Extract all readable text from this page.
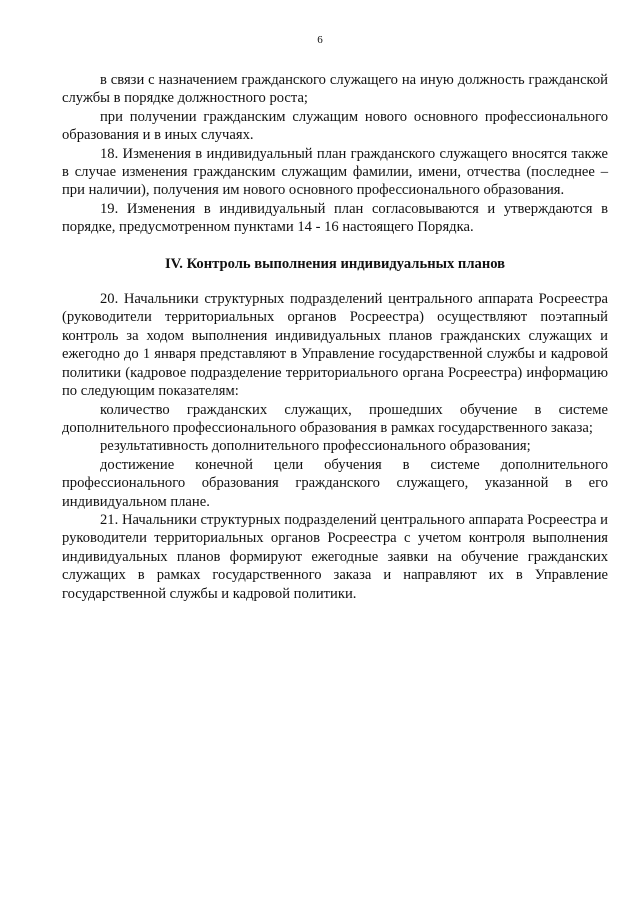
6

в связи с назначением гражданского служащего на иную должность гражданской службы в порядке должностного роста;

при получении гражданским служащим нового основного профессионального образования и в иных случаях.

18. Изменения в индивидуальный план гражданского служащего вносятся также в случае изменения гражданским служащим фамилии, имени, отчества (последнее – при наличии), получения им нового основного профессионального образования.

19. Изменения в индивидуальный план согласовываются и утверждаются в порядке, предусмотренном пунктами 14 - 16 настоящего Порядка.

IV. Контроль выполнения индивидуальных планов

20. Начальники структурных подразделений центрального аппарата Росреестра (руководители территориальных органов Росреестра) осуществляют поэтапный контроль за ходом выполнения индивидуальных планов гражданских служащих и ежегодно до 1 января представляют в Управление государственной службы и кадровой политики (кадровое подразделение территориального органа Росреестра) информацию по следующим показателям:

количество гражданских служащих, прошедших обучение в системе дополнительного профессионального образования в рамках государственного заказа;

результативность дополнительного профессионального образования;

достижение конечной цели обучения в системе дополнительного профессионального образования гражданского служащего, указанной в его индивидуальном плане.

21. Начальники структурных подразделений центрального аппарата Росреестра и руководители территориальных органов Росреестра с учетом контроля выполнения индивидуальных планов формируют ежегодные заявки на обучение гражданских служащих в рамках государственного заказа и направляют их в Управление государственной службы и кадровой политики.
